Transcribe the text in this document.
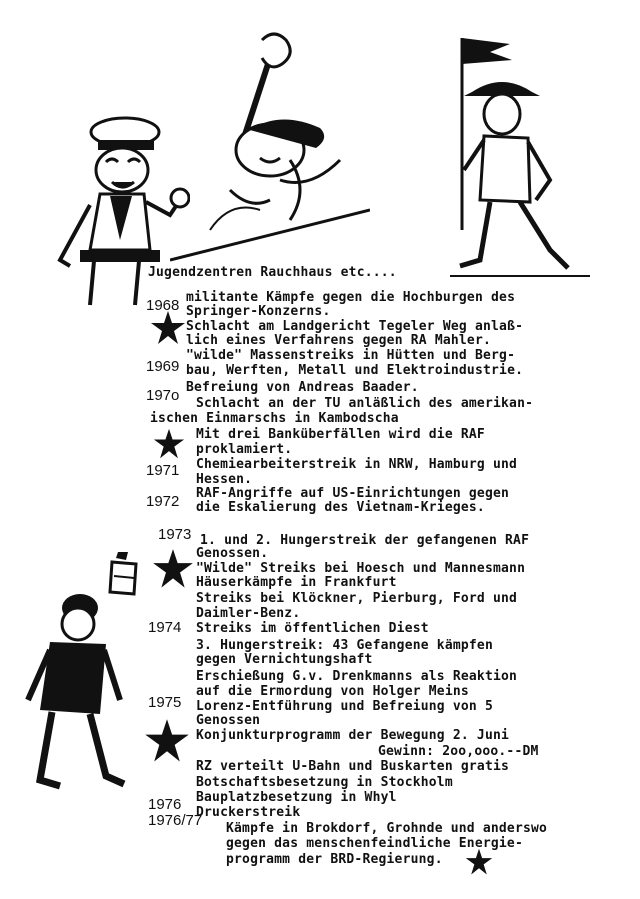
Jugendzentren Rauchhaus etc....
1968
1969
197o
1971
1972
1973
1974
1975
1976
1976/77
militante Kämpfe gegen die Hochburgen des
Springer-Konzerns.
Schlacht am Landgericht Tegeler Weg anlaß-
lich eines Verfahrens gegen RA Mahler.
"wilde" Massenstreiks in Hütten und Berg-
bau, Werften, Metall und Elektroindustrie.
Befreiung von Andreas Baader.
Schlacht an der TU anläßlich des amerikan-
ischen Einmarschs in Kambodscha
Mit drei Banküberfällen wird die RAF
proklamiert.
Chemiearbeiterstreik in NRW, Hamburg und
Hessen.
RAF-Angriffe auf US-Einrichtungen gegen
die Eskalierung des Vietnam-Krieges.
1. und 2. Hungerstreik der gefangenen RAF
Genossen.
"Wilde" Streiks bei Hoesch und Mannesmann
Häuserkämpfe in Frankfurt
Streiks bei Klöckner, Pierburg, Ford und
Daimler-Benz.
Streiks im öffentlichen Diest
3. Hungerstreik: 43 Gefangene kämpfen
gegen Vernichtungshaft
Erschießung G.v. Drenkmanns als Reaktion
auf die Ermordung von Holger Meins
Lorenz-Entführung und Befreiung von 5
Genossen
Konjunkturprogramm der Bewegung 2. Juni
Gewinn: 2oo,ooo.--DM
RZ verteilt U-Bahn und Buskarten gratis
Botschaftsbesetzung in Stockholm
Bauplatzbesetzung in Whyl
Druckerstreik
Kämpfe in Brokdorf, Grohnde und anderswo
gegen das menschenfeindliche Energie-
programm der BRD-Regierung.
